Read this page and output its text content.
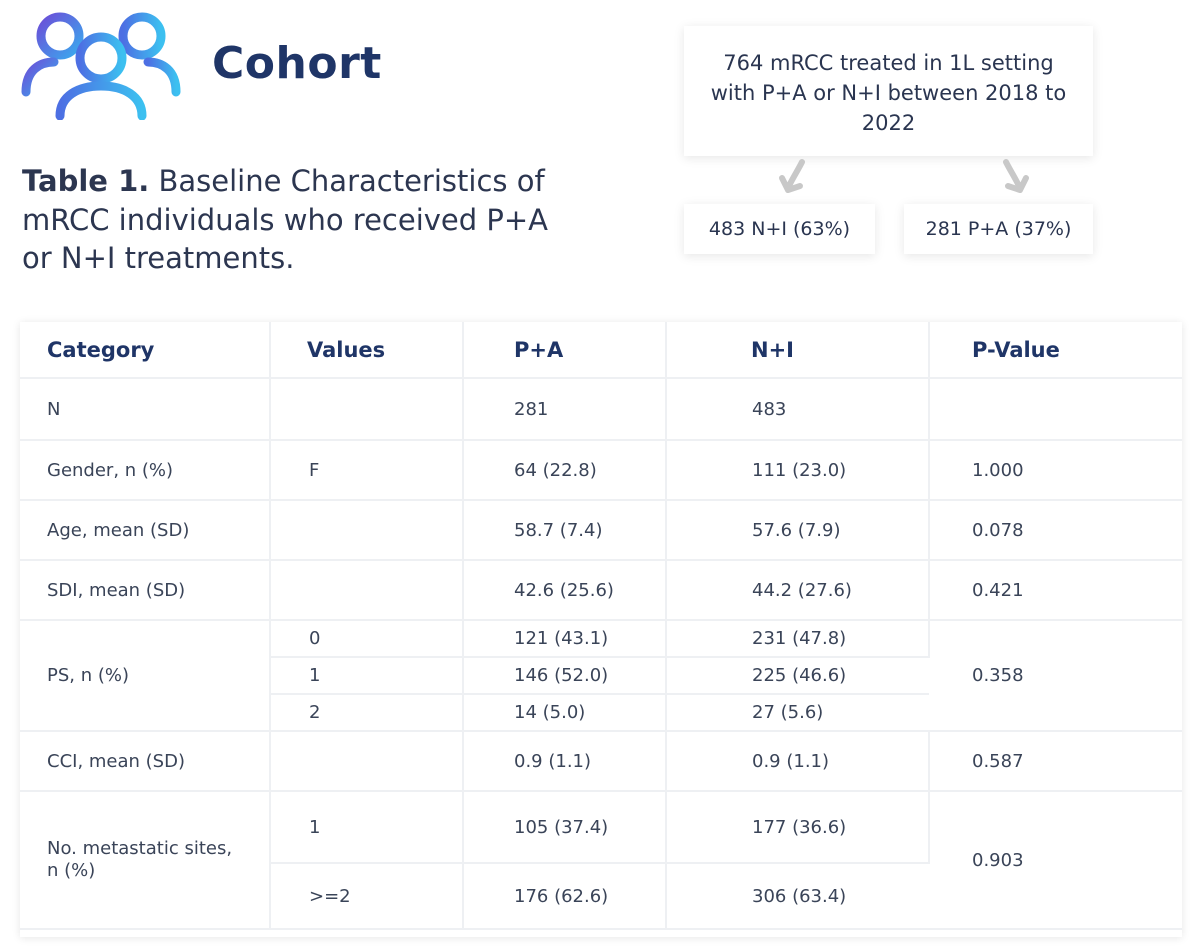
Cohort
Table 1. Baseline Characteristics of mRCC individuals who received P+A or N+I treatments.
764 mRCC treated in 1L setting with P+A or N+I between 2018 to 2022
483 N+I (63%)	281 P+A (37%)
Category	Values	P+A	N+I	P-Value
N		281	483	
Gender, n (%)	F	64 (22.8)	111 (23.0)	1.000
Age, mean (SD)		58.7 (7.4)	57.6 (7.9)	0.078
SDI, mean (SD)		42.6 (25.6)	44.2 (27.6)	0.421
PS, n (%)	0	121 (43.1)	231 (47.8)	0.358
	1	146 (52.0)	225 (46.6)	
	2	14 (5.0)	27 (5.6)	
CCI, mean (SD)		0.9 (1.1)	0.9 (1.1)	0.587
No. metastatic sites, n (%)	1	105 (37.4)	177 (36.6)	0.903
	>=2	176 (62.6)	306 (63.4)	
